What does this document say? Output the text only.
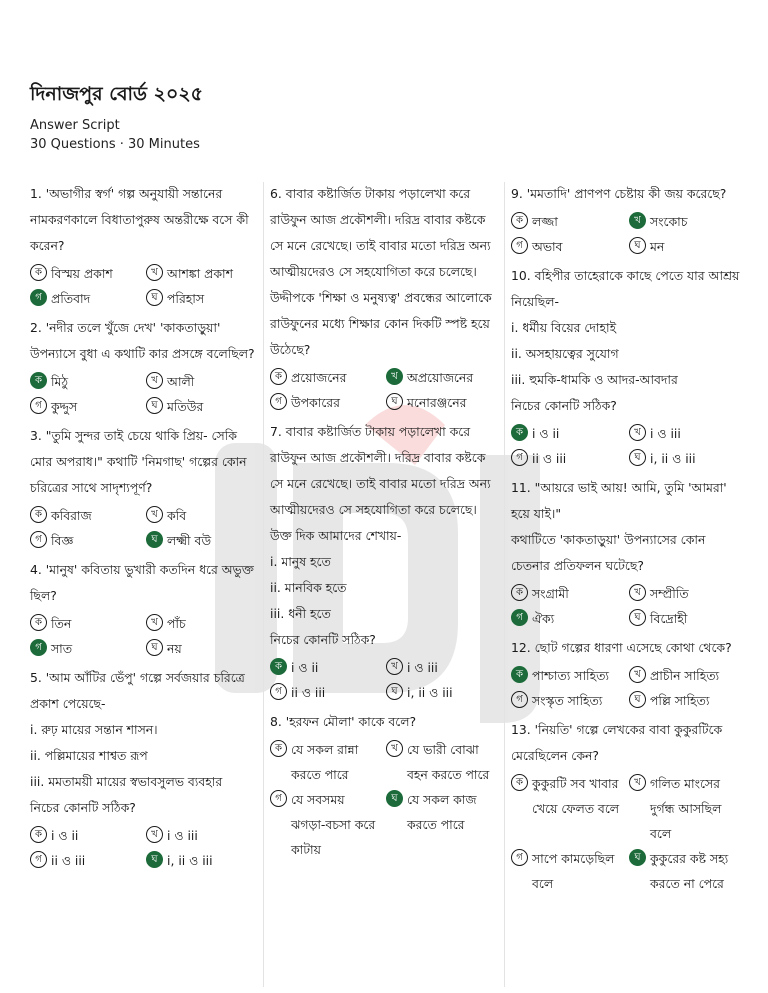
দিনাজপুর বোর্ড ২০২৫
Answer Script
30 Questions · 30 Minutes

1. 'অভাগীর স্বর্গ' গল্প অনুযায়ী সন্তানের নামকরণকালে বিধাতাপুরুষ অন্তরীক্ষে বসে কী করেন?

ক বিস্ময় প্রকাশ	খ আশঙ্কা প্রকাশ
গ প্রতিবাদ	ঘ পরিহাস

2. 'নদীর তলে খুঁজে দেখ' 'কাকতাড়ুয়া' উপন্যাসে বুধা এ কথাটি কার প্রসঙ্গে বলেছিল?

ক মিঠু	খ আলী
গ কুদ্দুস	ঘ মতিউর

3. "তুমি সুন্দর তাই চেয়ে থাকি প্রিয়- সেকি মোর অপরাধ।" কথাটি 'নিমগাছ' গল্পের কোন চরিত্রের সাথে সাদৃশ্যপূর্ণ?

ক কবিরাজ	খ কবি
গ বিজ্ঞ	ঘ লক্ষ্মী বউ

4. 'মানুষ' কবিতায় ভুখারী কতদিন ধরে অভুক্ত ছিল?

ক তিন	খ পাঁচ
গ সাত	ঘ নয়

5. 'আম আঁটির ভেঁপু' গল্পে সর্বজয়ার চরিত্রে প্রকাশ পেয়েছে-

i. রুঢ় মায়ের সন্তান শাসন।

ii. পল্লিমায়ের শাশ্বত রূপ

iii. মমতাময়ী মায়ের স্বভাবসুলভ ব্যবহার

নিচের কোনটি সঠিক?

ক i ও ii	খ i ও iii
গ ii ও iii	ঘ i, ii ও iii

6. বাবার কষ্টার্জিত টাকায় পড়ালেখা করে রাউফুন আজ প্রকৌশলী। দরিদ্র বাবার কষ্টকে সে মনে রেখেছে। তাই বাবার মতো দরিদ্র অন্য আত্মীয়দেরও সে সহযোগিতা করে চলেছে।

উদ্দীপকে 'শিক্ষা ও মনুষ্যত্ব' প্রবন্ধের আলোকে রাউফুনের মধ্যে শিক্ষার কোন দিকটি স্পষ্ট হয়ে উঠেছে?

ক প্রয়োজনের	খ অপ্রয়োজনের
গ উপকারের	ঘ মনোরঞ্জনের

7. বাবার কষ্টার্জিত টাকায় পড়ালেখা করে রাউফুন আজ প্রকৌশলী। দরিদ্র বাবার কষ্টকে সে মনে রেখেছে। তাই বাবার মতো দরিদ্র অন্য আত্মীয়দেরও সে সহযোগিতা করে চলেছে।

উক্ত দিক আমাদের শেখায়-

i. মানুষ হতে

ii. মানবিক হতে

iii. ধনী হতে

নিচের কোনটি সঠিক?

ক i ও ii	খ i ও iii
গ ii ও iii	ঘ i, ii ও iii

8. 'হরফন মৌলা' কাকে বলে?

ক যে সকল রান্না করতে পারে
খ যে ভারী বোঝা বহন করতে পারে
গ যে সবসময় ঝগড়া-বচসা করে কাটায়
ঘ যে সকল কাজ করতে পারে

9. 'মমতাদি' প্রাণপণ চেষ্টায় কী জয় করেছে?

ক লজ্জা	খ সংকোচ
গ অভাব	ঘ মন

10. বহিপীর তাহেরাকে কাছে পেতে যার আশ্রয় নিয়েছিল-

i. ধর্মীয় বিয়ের দোহাই

ii. অসহায়ত্বের সুযোগ

iii. হুমকি-ধামকি ও আদর-আবদার

নিচের কোনটি সঠিক?

ক i ও ii	খ i ও iii
গ ii ও iii	ঘ i, ii ও iii

11. "আয়রে ভাই আয়! আমি, তুমি 'আমরা' হয়ে যাই।"

কথাটিতে 'কাকতাড়ুয়া' উপন্যাসের কোন চেতনার প্রতিফলন ঘটেছে?

ক সংগ্রামী	খ সম্প্রীতি
গ ঐক্য	ঘ বিদ্রোহী

12. ছোট গল্পের ধারণা এসেছে কোথা থেকে?

ক পাশ্চাত্য সাহিত্য	খ প্রাচীন সাহিত্য
গ সংস্কৃত সাহিত্য	ঘ পল্লি সাহিত্য

13. 'নিয়তি' গল্পে লেখকের বাবা কুকুরটিকে মেরেছিলেন কেন?

ক কুকুরটি সব খাবার খেয়ে ফেলত বলে
খ গলিত মাংসের দুর্গন্ধ আসছিল বলে
গ সাপে কামড়েছিল বলে
ঘ কুকুরের কষ্ট সহ্য করতে না পেরে
